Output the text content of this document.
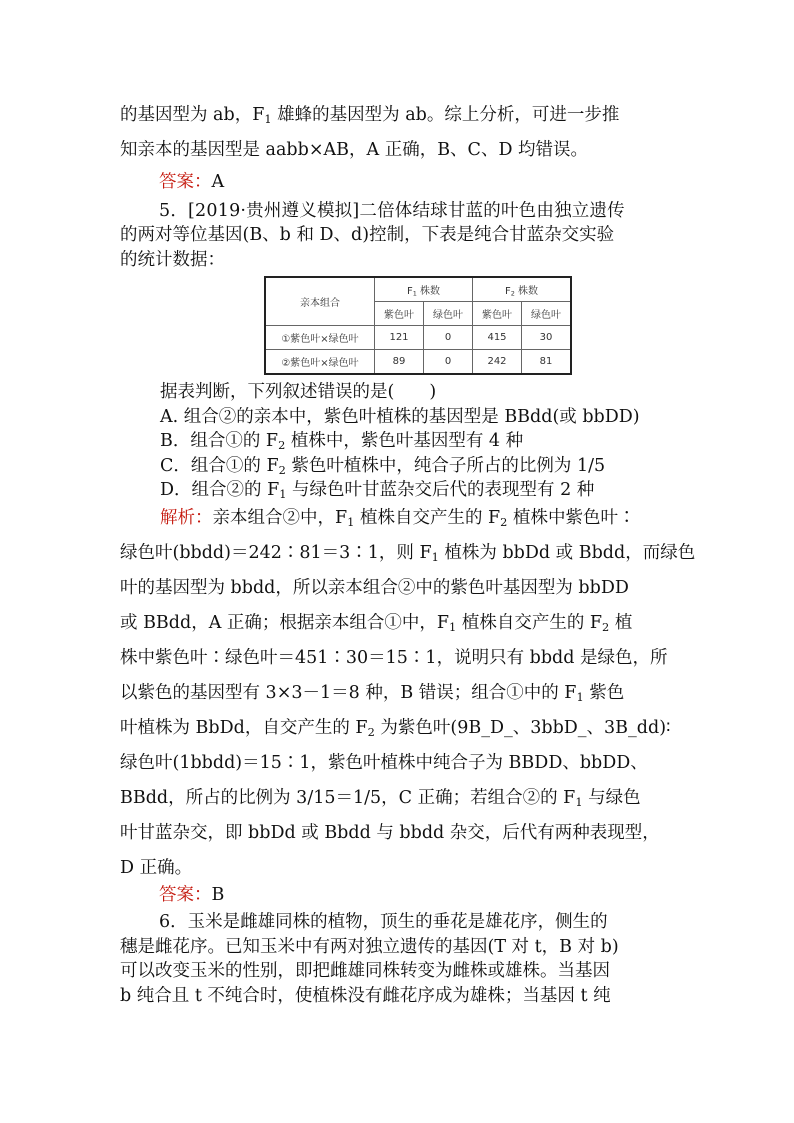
的基因型为 ab，$F_1$ 雄蜂的基因型为 ab。综上分析，可进一步推
知亲本的基因型是 aabb×AB，A 正确，B、C、D 均错误。
答案：A
5．[2019·贵州遵义模拟]二倍体结球甘蓝的叶色由独立遗传
的两对等位基因(B、b 和 D、d)控制，下表是纯合甘蓝杂交实验
的统计数据：
亲本组合	$F_1$ 株数		$F_2$ 株数	
	紫色叶	绿色叶	紫色叶	绿色叶
①紫色叶×绿色叶	121	0	415	30
②紫色叶×绿色叶	89	0	242	81
据表判断，下列叙述错误的是(　　)
A. 组合②的亲本中，紫色叶植株的基因型是 BBdd(或 bbDD)
B．组合①的 $F_2$ 植株中，紫色叶基因型有 4 种
C．组合①的 $F_2$ 紫色叶植株中，纯合子所占的比例为 1/5
D．组合②的 $F_1$ 与绿色叶甘蓝杂交后代的表现型有 2 种
解析：亲本组合②中，$F_1$ 植株自交产生的 $F_2$ 植株中紫色叶∶
绿色叶(bbdd)＝242∶81＝3∶1，则 $F_1$ 植株为 bbDd 或 Bbdd，而绿色
叶的基因型为 bbdd，所以亲本组合②中的紫色叶基因型为 bbDD
或 BBdd，A 正确；根据亲本组合①中，$F_1$ 植株自交产生的 $F_2$ 植
株中紫色叶∶绿色叶＝451∶30＝15∶1，说明只有 bbdd 是绿色，所
以紫色的基因型有 3×3－1＝8 种，B 错误；组合①中的 $F_1$ 紫色
叶植株为 BbDd，自交产生的 $F_2$ 为紫色叶(9B_D_、3bbD_、3B_dd)∶
绿色叶(1bbdd)＝15∶1，紫色叶植株中纯合子为 BBDD、bbDD、
BBdd，所占的比例为 3/15＝1/5，C 正确；若组合②的 $F_1$ 与绿色
叶甘蓝杂交，即 bbDd 或 Bbdd 与 bbdd 杂交，后代有两种表现型，
D 正确。
答案：B
6．玉米是雌雄同株的植物，顶生的垂花是雄花序，侧生的
穗是雌花序。已知玉米中有两对独立遗传的基因(T 对 t，B 对 b)
可以改变玉米的性别，即把雌雄同株转变为雌株或雄株。当基因
b 纯合且 t 不纯合时，使植株没有雌花序成为雄株；当基因 t 纯
